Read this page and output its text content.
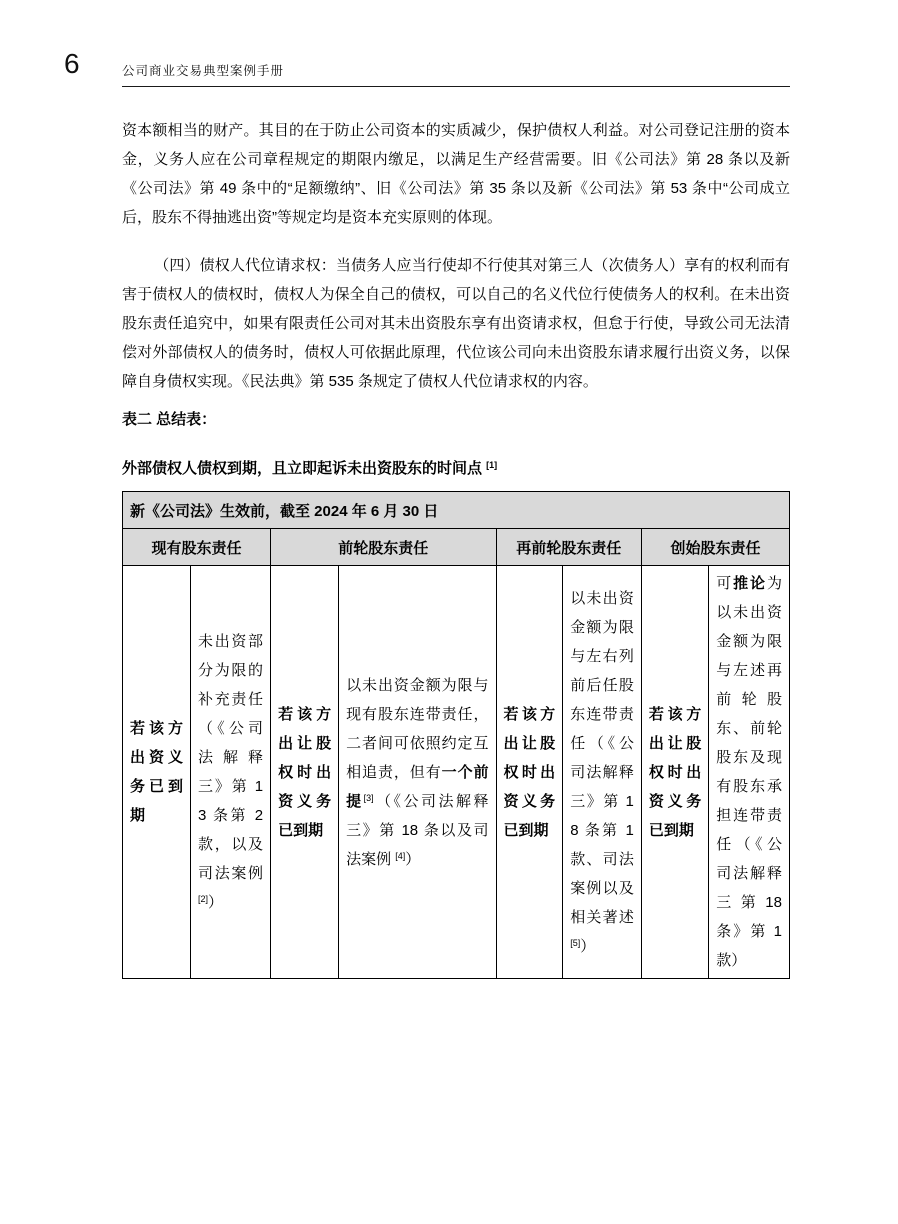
6	公司商业交易典型案例手册

资本额相当的财产。其目的在于防止公司资本的实质减少，保护债权人利益。对公司登记注册的资本金，义务人应在公司章程规定的期限内缴足，以满足生产经营需要。旧《公司法》第 28 条以及新《公司法》第 49 条中的“足额缴纳”、旧《公司法》第 35 条以及新《公司法》第 53 条中“公司成立后，股东不得抽逃出资”等规定均是资本充实原则的体现。

（四）债权人代位请求权：当债务人应当行使却不行使其对第三人（次债务人）享有的权利而有害于债权人的债权时，债权人为保全自己的债权，可以自己的名义代位行使债务人的权利。在未出资股东责任追究中，如果有限责任公司对其未出资股东享有出资请求权，但怠于行使，导致公司无法清偿对外部债权人的债务时，债权人可依据此原理，代位该公司向未出资股东请求履行出资义务，以保障自身债权实现。《民法典》第 535 条规定了债权人代位请求权的内容。

表二 总结表：
外部债权人债权到期，且立即起诉未出资股东的时间点 [1]
新《公司法》生效前，截至 2024 年 6 月 30 日							
现有股东责任		前轮股东责任		再前轮股东责任		创始股东责任	
若该方出资义务已到期	未出资部分为限的补充责任（《公司法解释三》第 13 条第 2 款，以及司法案例 [2]）	若该方出让股权时出资义务已到期	以未出资金额为限与现有股东连带责任，二者间可依照约定互相追责，但有一个前提[3]（《公司法解释三》第 18 条以及司法案例 [4]）	若该方出让股权时出资义务已到期	以未出资金额为限与左右列前后任股东连带责任（《公司法解释三》第 18 条第 1 款、司法案例以及相关著述 [5]）	若该方出让股权时出资义务已到期	可推论为以未出资金额为限与左述再前轮股东、前轮股东及现有股东承担连带责任（《公司法解释三 第 18 条》第 1 款）
